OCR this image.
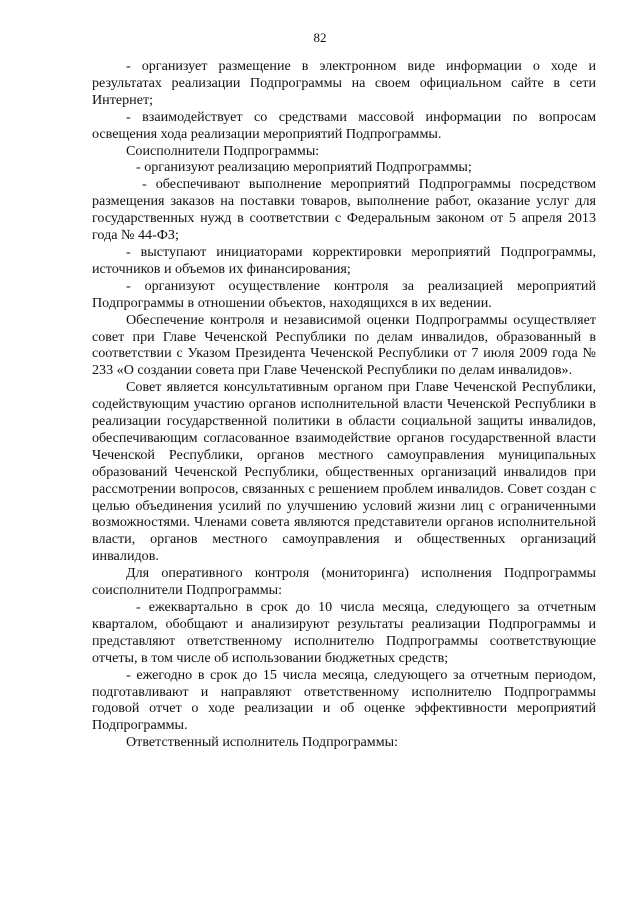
82

- организует размещение в электронном виде информации о ходе и результатах реализации Подпрограммы на своем официальном сайте в сети Интернет;

- взаимодействует со средствами массовой информации по вопросам освещения хода реализации мероприятий Подпрограммы.

Соисполнители Подпрограммы:

- организуют реализацию мероприятий Подпрограммы;

- обеспечивают выполнение мероприятий Подпрограммы посредством размещения заказов на поставки товаров, выполнение работ, оказание услуг для государственных нужд в соответствии с Федеральным законом от 5 апреля 2013 года № 44-ФЗ;

- выступают инициаторами корректировки мероприятий Подпрограммы, источников и объемов их финансирования;

- организуют осуществление контроля за реализацией мероприятий Подпрограммы в отношении объектов, находящихся в их ведении.

Обеспечение контроля и независимой оценки Подпрограммы осуществляет совет при Главе Чеченской Республики по делам инвалидов, образованный в соответствии с Указом Президента Чеченской Республики от 7 июля 2009 года № 233 «О создании совета при Главе Чеченской Республики по делам инвалидов».

Совет является консультативным органом при Главе Чеченской Республики, содействующим участию органов исполнительной власти Чеченской Республики в реализации государственной политики в области социальной защиты инвалидов, обеспечивающим согласованное взаимодействие органов государственной власти Чеченской Республики, органов местного самоуправления муниципальных образований Чеченской Республики, общественных организаций инвалидов при рассмотрении вопросов, связанных с решением проблем инвалидов. Совет создан с целью объединения усилий по улучшению условий жизни лиц с ограниченными возможностями. Членами совета являются представители органов исполнительной власти, органов местного самоуправления и общественных организаций инвалидов.

Для оперативного контроля (мониторинга) исполнения Подпрограммы соисполнители Подпрограммы:

- ежеквартально в срок до 10 числа месяца, следующего за отчетным кварталом, обобщают и анализируют результаты реализации Подпрограммы и представляют ответственному исполнителю Подпрограммы соответствующие отчеты, в том числе об использовании бюджетных средств;

- ежегодно в срок до 15 числа месяца, следующего за отчетным периодом, подготавливают и направляют ответственному исполнителю Подпрограммы годовой отчет о ходе реализации и об оценке эффективности мероприятий Подпрограммы.

Ответственный исполнитель Подпрограммы:
